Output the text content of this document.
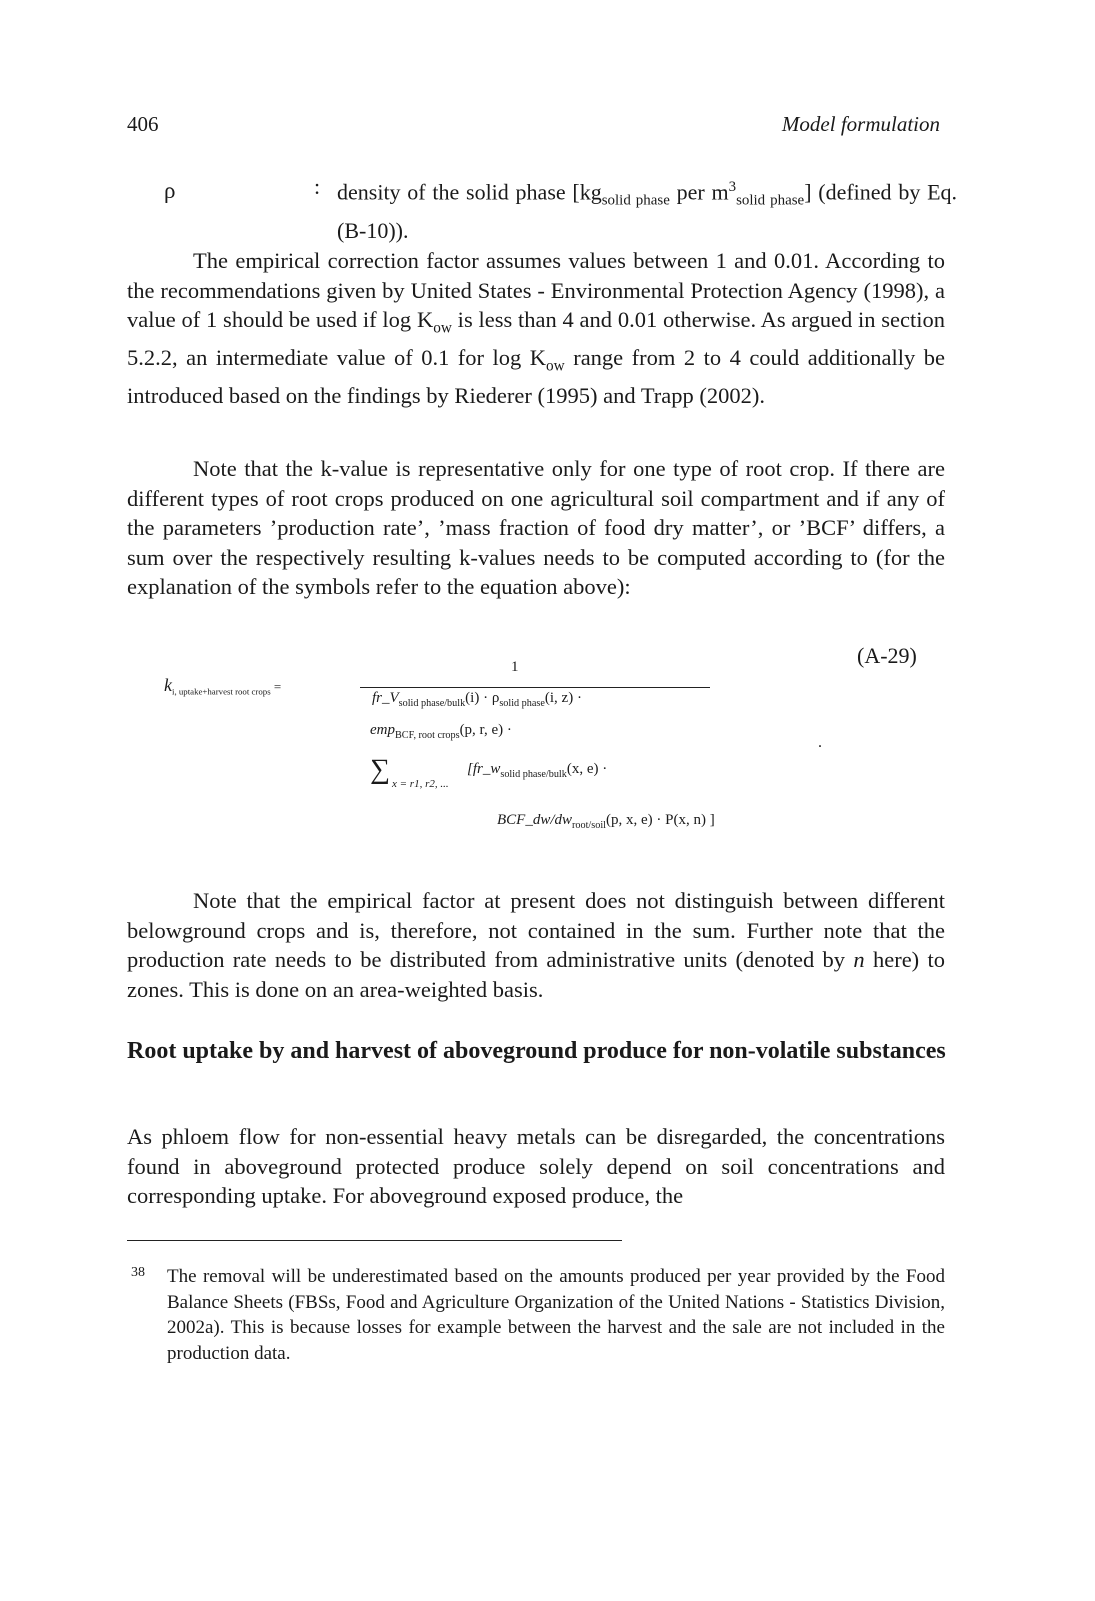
406	Model formulation
ρ	: density of the solid phase [$kg_{solid phase}$ per $m^3_{solid phase}$] (defined by Eq. (B-10)).

The empirical correction factor assumes values between 1 and 0.01. According to the recommendations given by United States - Environmental Protection Agency (1998), a value of 1 should be used if $\log K_{ow}$ is less than 4 and 0.01 otherwise. As argued in section 5.2.2, an intermediate value of 0.1 for $\log K_{ow}$ range from 2 to 4 could additionally be introduced based on the findings by Riederer (1995) and Trapp (2002).

Note that the k-value is representative only for one type of root crop. If there are different types of root crops produced on one agricultural soil compartment and if any of the parameters ’production rate’, ’mass fraction of food dry matter’, or ’BCF’ differs, a sum over the respectively resulting k-values needs to be computed according to (for the explanation of the symbols refer to the equation above):

(A-29)
$k_{i, uptake+harvest root crops}$ =
1
$fr\_V_{solid phase/bulk}(i) \cdot \rho_{solid phase}(i$, z) ·
emp$_{BCF, root crops}$(p, r, e) ·
∑ x = r1, r2, ...
[$fr\_w_{solid phase/bulk}(x$, e) ·
$BCF\_dw/dw_{root/soil}(p$, x, e) · P(x, n) ]
.

Note that the empirical factor at present does not distinguish between different belowground crops and is, therefore, not contained in the sum. Further note that the production rate needs to be distributed from administrative units (denoted by n here) to zones. This is done on an area-weighted basis.

Root uptake by and harvest of aboveground produce for non-volatile substances

As phloem flow for non-essential heavy metals can be disregarded, the concentrations found in aboveground protected produce solely depend on soil concentrations and corresponding uptake. For aboveground exposed produce, the

38 The removal will be underestimated based on the amounts produced per year provided by the Food Balance Sheets (FBSs, Food and Agriculture Organization of the United Nations - Statistics Division, 2002a). This is because losses for example between the harvest and the sale are not included in the production data.
